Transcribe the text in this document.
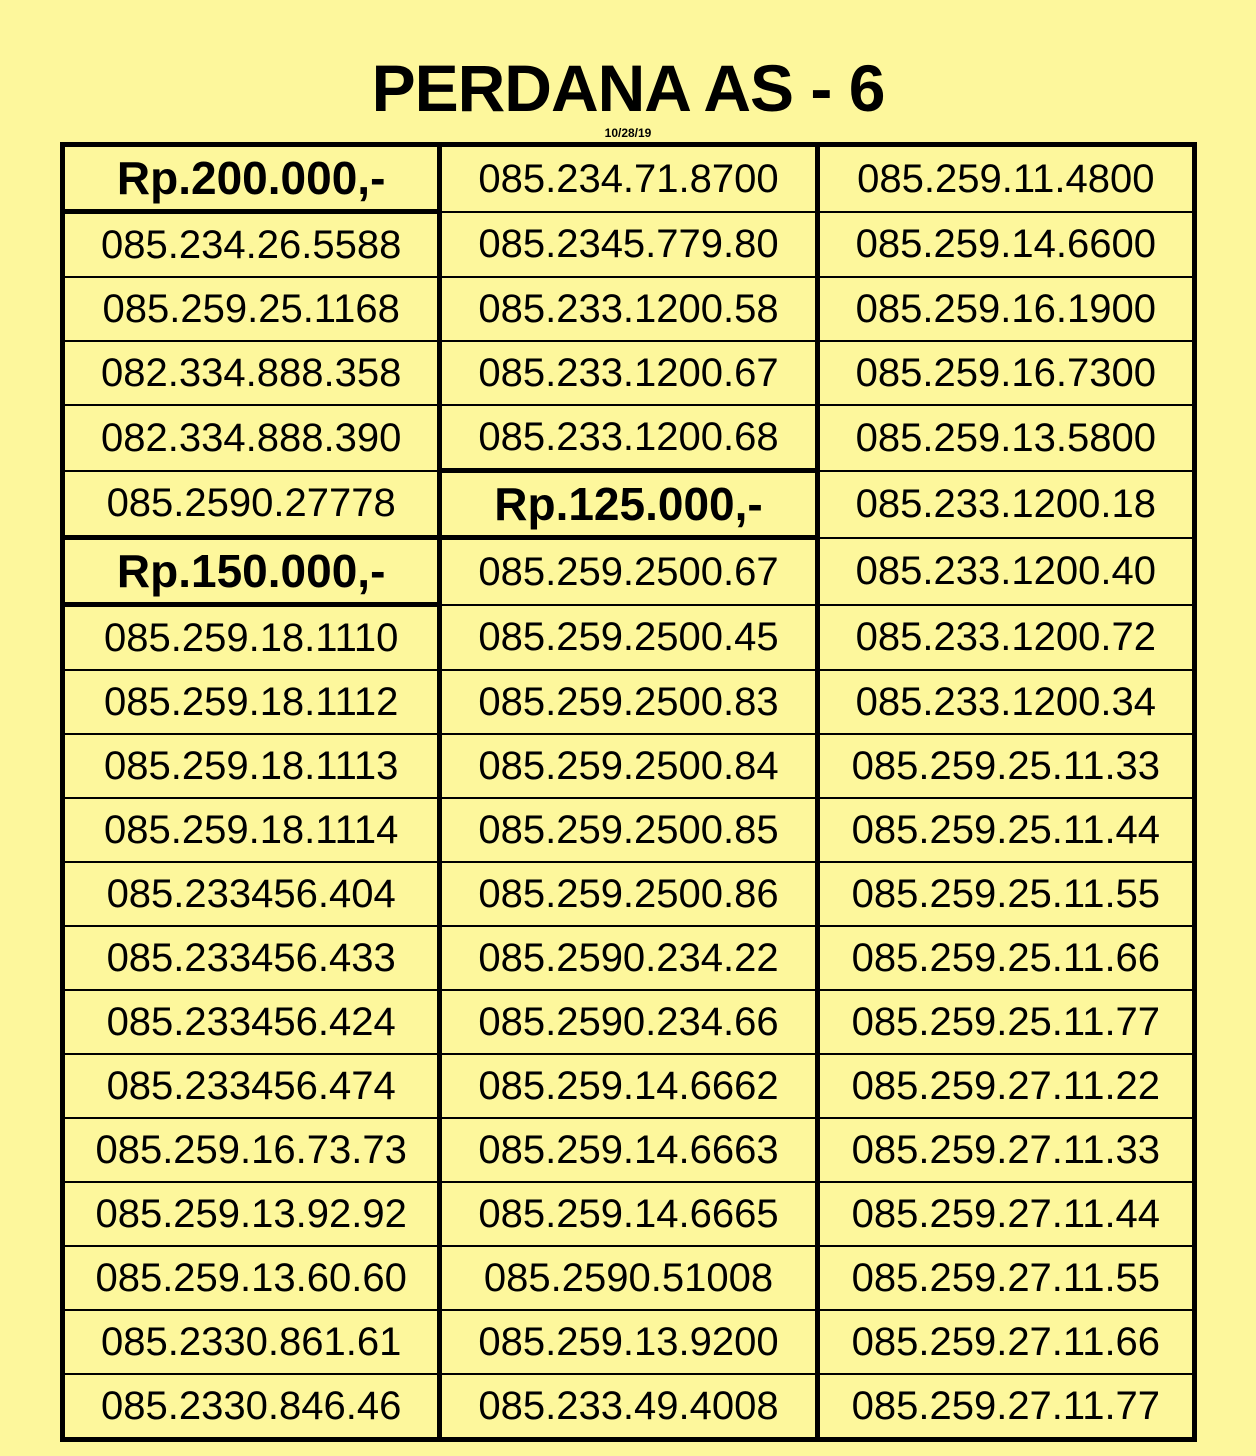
PERDANA AS - 6
10/28/19
Rp.200.000,-	085.234.71.8700	085.259.11.4800
085.234.26.5588	085.2345.779.80	085.259.14.6600
085.259.25.1168	085.233.1200.58	085.259.16.1900
082.334.888.358	085.233.1200.67	085.259.16.7300
082.334.888.390	085.233.1200.68	085.259.13.5800
085.2590.27778	Rp.125.000,-	085.233.1200.18
Rp.150.000,-	085.259.2500.67	085.233.1200.40
085.259.18.1110	085.259.2500.45	085.233.1200.72
085.259.18.1112	085.259.2500.83	085.233.1200.34
085.259.18.1113	085.259.2500.84	085.259.25.11.33
085.259.18.1114	085.259.2500.85	085.259.25.11.44
085.233456.404	085.259.2500.86	085.259.25.11.55
085.233456.433	085.2590.234.22	085.259.25.11.66
085.233456.424	085.2590.234.66	085.259.25.11.77
085.233456.474	085.259.14.6662	085.259.27.11.22
085.259.16.73.73	085.259.14.6663	085.259.27.11.33
085.259.13.92.92	085.259.14.6665	085.259.27.11.44
085.259.13.60.60	085.2590.51008	085.259.27.11.55
085.2330.861.61	085.259.13.9200	085.259.27.11.66
085.2330.846.46	085.233.49.4008	085.259.27.11.77
